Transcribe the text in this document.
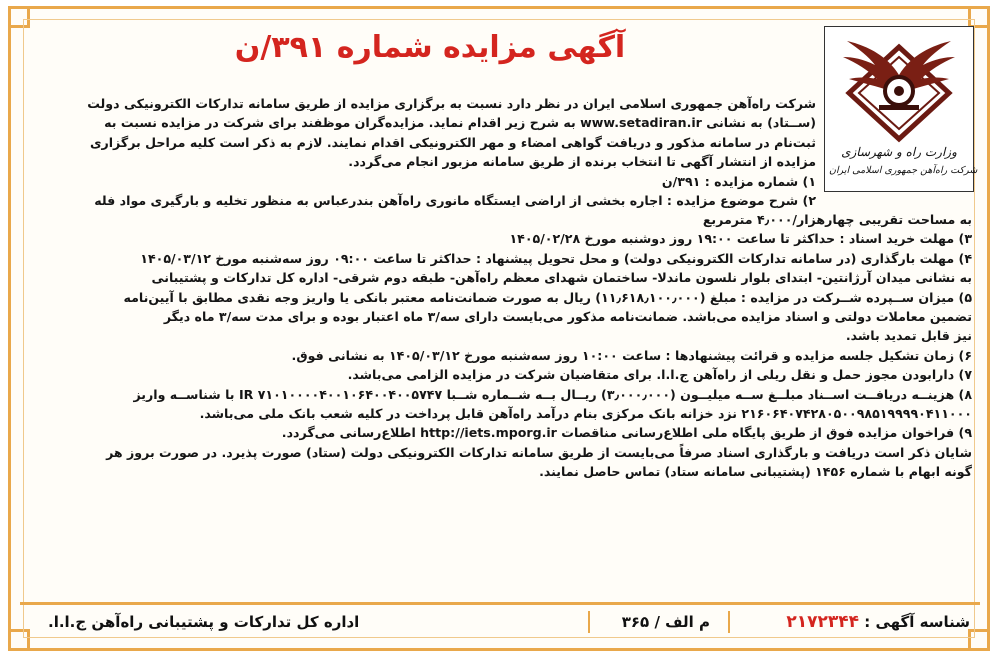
وزارت راه و شهرسازی
شرکت راه‌آهن جمهوری اسلامی ایران
آگهی مزایده شماره ۳۹۱/ن

شرکت راه‌آهن جمهوری اسلامی ایران در نظر دارد نسبت به برگزاری مزایده از طریق سامانه تدارکات الکترونیکی دولت

(ســتاد) به نشانی www.setadiran.ir به شرح زیر اقدام نماید. مزایده‌گران موظفند برای شرکت در مزایده نسبت به

ثبت‌نام در سامانه مذکور و دریافت گواهی امضاء و مهر الکترونیکی اقدام نمایند. لازم به ذکر است کلیه مراحل برگزاری

مزایده از انتشار آگهی تا انتخاب برنده از طریق سامانه مزبور انجام می‌گردد.

۱) شماره مزایده : ۳۹۱/ن

۲) شرح موضوع مزایده : اجاره بخشی از اراضی ایستگاه مانوری راه‌آهن بندرعباس به منظور تخلیه و بارگیری مواد فله

به مساحت تقریبی چهارهزار/۴٫۰۰۰ مترمربع

۳) مهلت خرید اسناد : حداکثر تا ساعت ۱۹:۰۰ روز دوشنبه مورخ ۱۴۰۵/۰۲/۲۸

۴) مهلت بارگذاری (در سامانه تدارکات الکترونیکی دولت) و محل تحویل پیشنهاد : حداکثر تا ساعت ۰۹:۰۰ روز سه‌شنبه مورخ ۱۴۰۵/۰۳/۱۲

به نشانی میدان آرژانتین- ابتدای بلوار نلسون ماندلا- ساختمان شهدای معظم راه‌آهن- طبقه دوم شرقی- اداره کل تدارکات و پشتیبانی

۵) میزان ســپرده شــرکت در مزایده : مبلغ (۱۱٫۶۱۸٫۱۰۰٫۰۰۰) ریال به صورت ضمانت‌نامه معتبر بانکی یا واریز وجه نقدی مطابق با آیین‌نامه

تضمین معاملات دولتی و اسناد مزایده می‌باشد. ضمانت‌نامه مذکور می‌بایست دارای سه/۳ ماه اعتبار بوده و برای مدت سه/۳ ماه دیگر

نیز قابل تمدید باشد.

۶) زمان تشکیل جلسه مزایده و قرائت پیشنهادها : ساعت ۱۰:۰۰ روز سه‌شنبه مورخ ۱۴۰۵/۰۳/۱۲ به نشانی فوق.

۷) دارابودن مجوز حمل و نقل ریلی از راه‌آهن ج.ا.ا. برای متقاضیان شرکت در مزایده الزامی می‌باشد.

۸) هزینــه دریافــت اســناد مبلــغ ســه میلیــون (۳٫۰۰۰٫۰۰۰) ریــال بــه شــماره شــبا IR ۷۱۰۱۰۰۰۰۴۰۰۱۰۶۴۰۰۴۰۰۵۷۴۷ با شناســه واریز

۲۱۶۰۶۴۰۷۴۲۸۰۵۰۰۹۸۵۱۹۹۹۹۰۴۱۱۰۰۰ نزد خزانه بانک مرکزی بنام درآمد راه‌آهن قابل پرداخت در کلیه شعب بانک ملی می‌باشد.

۹) فراخوان مزایده فوق از طریق پایگاه ملی اطلاع‌رسانی مناقصات http://iets.mporg.ir اطلاع‌رسانی می‌گردد.

شایان ذکر است دریافت و بارگذاری اسناد صرفاً می‌بایست از طریق سامانه تدارکات الکترونیکی دولت (ستاد) صورت پذیرد. در صورت بروز هر

گونه ابهام با شماره ۱۴۵۶ (پشتیبانی سامانه ستاد) تماس حاصل نمایند.

شناسه آگهی : ۲۱۷۲۳۴۴
م الف / ۳۶۵
اداره کل تدارکات و پشتیبانی راه‌آهن ج.ا.ا.
